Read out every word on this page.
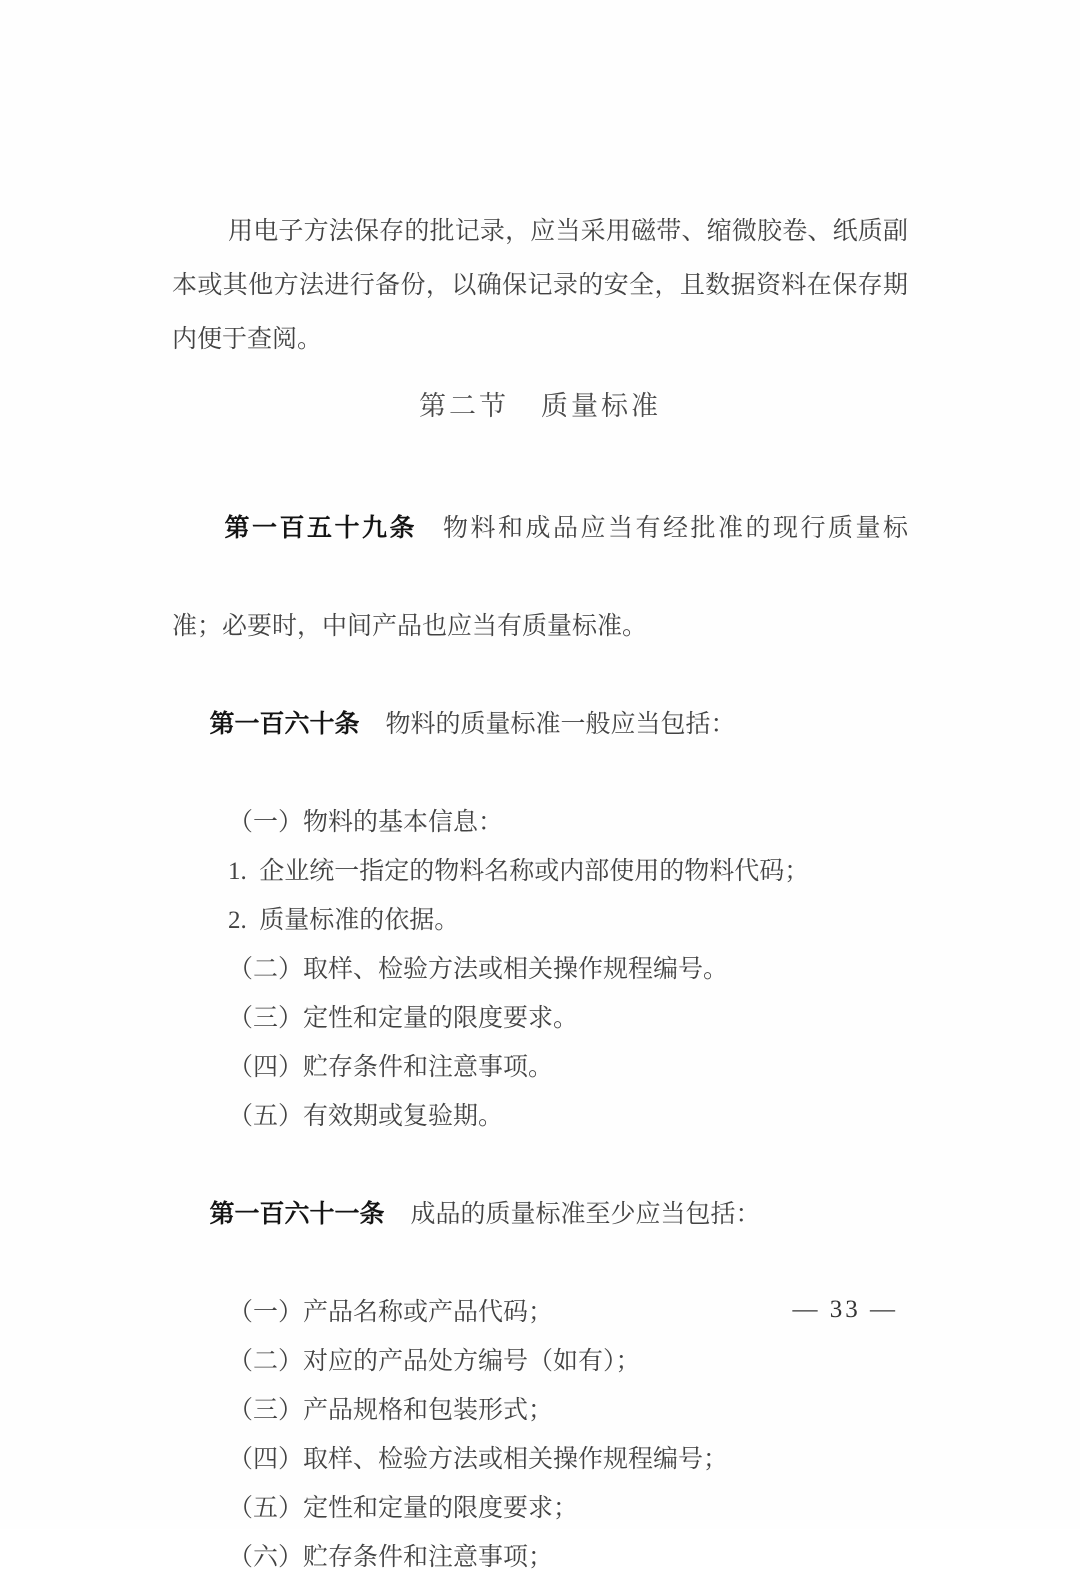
用电子方法保存的批记录，应当采用磁带、缩微胶卷、纸质副

本或其他方法进行备份，以确保记录的安全，且数据资料在保存期

内便于查阅。

第二节 质量标准

第一百五十九条 物料和成品应当有经批准的现行质量标

准；必要时，中间产品也应当有质量标准。

第一百六十条 物料的质量标准一般应当包括：

（一）物料的基本信息：

1.  企业统一指定的物料名称或内部使用的物料代码；

2.  质量标准的依据。

（二）取样、检验方法或相关操作规程编号。

（三）定性和定量的限度要求。

（四）贮存条件和注意事项。

（五）有效期或复验期。

第一百六十一条 成品的质量标准至少应当包括：

（一）产品名称或产品代码；

（二）对应的产品处方编号（如有）；

（三）产品规格和包装形式；

（四）取样、检验方法或相关操作规程编号；

（五）定性和定量的限度要求；

（六）贮存条件和注意事项；

— 33 —
